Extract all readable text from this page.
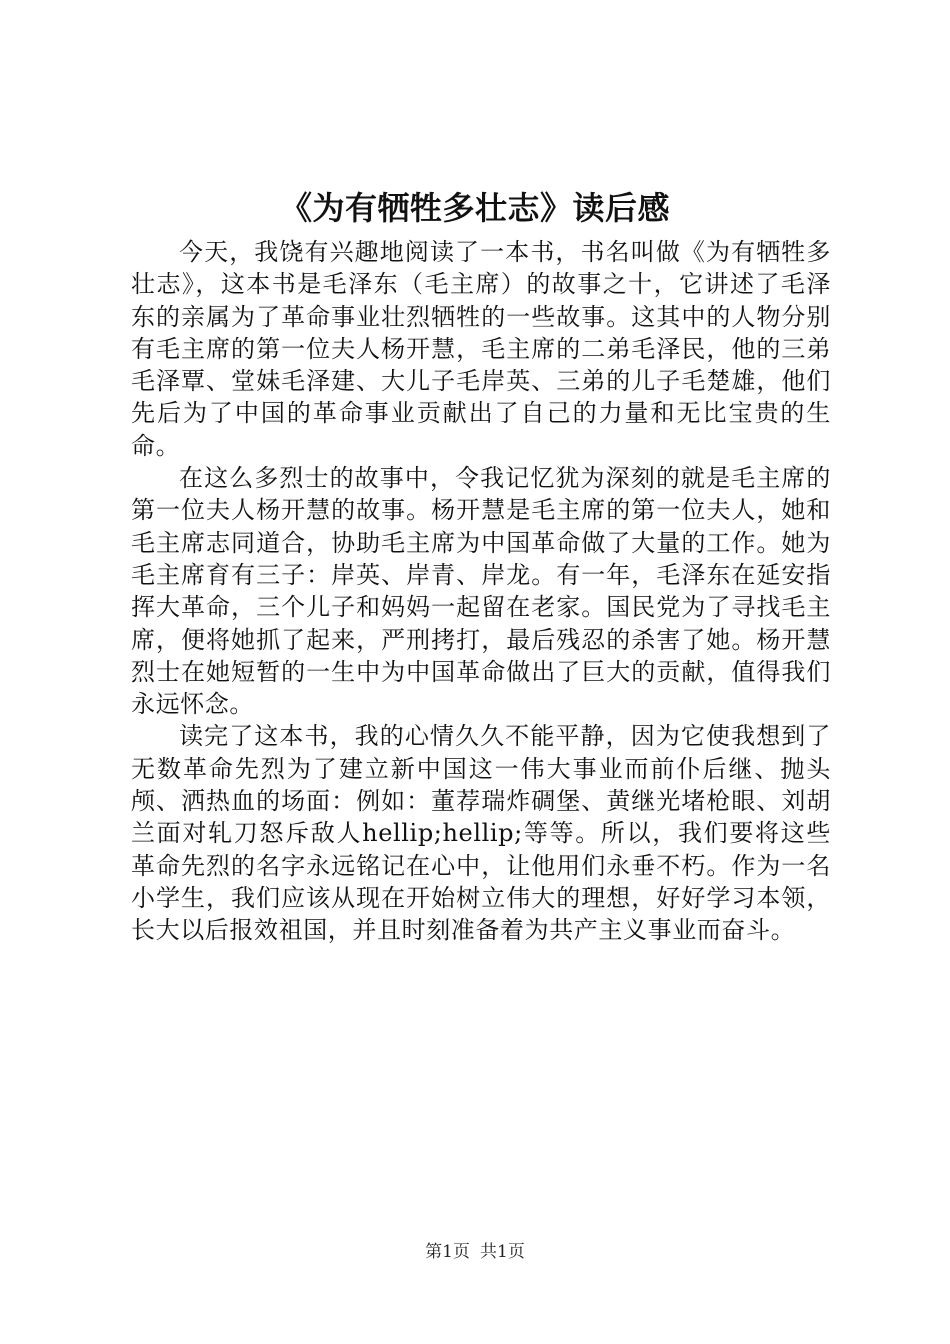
《为有牺牲多壮志》读后感

今天，我饶有兴趣地阅读了一本书，书名叫做《为有牺牲多壮志》，这本书是毛泽东（毛主席）的故事之十，它讲述了毛泽东的亲属为了革命事业壮烈牺牲的一些故事。这其中的人物分别有毛主席的第一位夫人杨开慧，毛主席的二弟毛泽民，他的三弟毛泽覃、堂妹毛泽建、大儿子毛岸英、三弟的儿子毛楚雄，他们先后为了中国的革命事业贡献出了自己的力量和无比宝贵的生命。

在这么多烈士的故事中，令我记忆犹为深刻的就是毛主席的第一位夫人杨开慧的故事。杨开慧是毛主席的第一位夫人，她和毛主席志同道合，协助毛主席为中国革命做了大量的工作。她为毛主席育有三子：岸英、岸青、岸龙。有一年，毛泽东在延安指挥大革命，三个儿子和妈妈一起留在老家。国民党为了寻找毛主席，便将她抓了起来，严刑拷打，最后残忍的杀害了她。杨开慧烈士在她短暂的一生中为中国革命做出了巨大的贡献，值得我们永远怀念。

读完了这本书，我的心情久久不能平静，因为它使我想到了无数革命先烈为了建立新中国这一伟大事业而前仆后继、抛头颅、洒热血的场面：例如：董荐瑞炸碉堡、黄继光堵枪眼、刘胡兰面对轧刀怒斥敌人hellip;hellip;等等。所以，我们要将这些革命先烈的名字永远铭记在心中，让他用们永垂不朽。作为一名小学生，我们应该从现在开始树立伟大的理想，好好学习本领，长大以后报效祖国，并且时刻准备着为共产主义事业而奋斗。

第1页 共1页
